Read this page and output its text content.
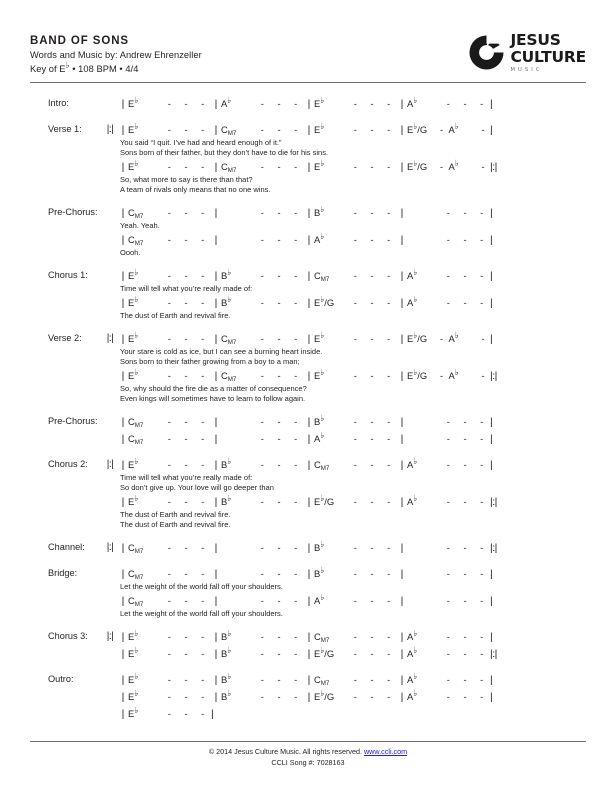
BAND OF SONS
Words and Music by: Andrew Ehrenzeller
Key of E♭ • 108 BPM • 4/4
JESUS
CULTURE
MUSIC
Intro:	| E♭	-	-	- | A♭	-	-	- | E♭	-	-	- | A♭	-	-	- |
Verse 1:	|:| | E♭	-	-	- | $C_{M7}$	-	-	- | E♭	-	-	- | E♭/G	- A♭	- |
You said “I quit. I’ve had and heard enough of it.”
Sons born of their father, but they don’t have to die for his sins.
| E♭	-	-	- | $C_{M7}$	-	-	- | E♭	-	-	- | E♭/G	- A♭	- |:|
So, what more to say is there than that?
A team of rivals only means that no one wins.
Pre-Chorus:	| $C_{M7}$	-	-	- |	-	-	- | B♭	-	-	- |	-	-	- |
Yeah. Yeah.
| $C_{M7}$	-	-	- |	-	-	- | A♭	-	-	- |	-	-	- |
Oooh.
Chorus 1:	| E♭	-	-	- | B♭	-	-	- | $C_{M7}$	-	-	- | A♭	-	-	- |
Time will tell what you’re really made of:
| E♭	-	-	- | B♭	-	-	- | E♭/G	-	-	- | A♭	-	-	- |
The dust of Earth and revival fire.
Verse 2:	|:| | E♭	-	-	- | $C_{M7}$	-	-	- | E♭	-	-	- | E♭/G	- A♭	- |
Your stare is cold as ice, but I can see a burning heart inside.
Sons born to their father growing from a boy to a man;
| E♭	-	-	- | $C_{M7}$	-	-	- | E♭	-	-	- | E♭/G	- A♭	- |:|
So, why should the fire die as a matter of consequence?
Even kings will sometimes have to learn to follow again.
Pre-Chorus:	| $C_{M7}$	-	-	- |	-	-	- | B♭	-	-	- |	-	-	- |
| $C_{M7}$	-	-	- |	-	-	- | A♭	-	-	- |	-	-	- |
Chorus 2:	|:| | E♭	-	-	- | B♭	-	-	- | $C_{M7}$	-	-	- | A♭	-	-	- |
Time will tell what you’re really made of:
So don’t give up. Your love will go deeper than
| E♭	-	-	- | B♭	-	-	- | E♭/G	-	-	- | A♭	-	-	- |:|
The dust of Earth and revival fire.
The dust of Earth and revival fire.
Channel:	|:| | $C_{M7}$	-	-	- |	-	-	- | B♭	-	-	- |	-	-	- |:|
Bridge:	| $C_{M7}$	-	-	- |	-	-	- | B♭	-	-	- |	-	-	- |
Let the weight of the world fall off your shoulders.
| $C_{M7}$	-	-	- |	-	-	- | A♭	-	-	- |	-	-	- |
Let the weight of the world fall off your shoulders.
Chorus 3:	|:| | E♭	-	-	- | B♭	-	-	- | $C_{M7}$	-	-	- | A♭	-	-	- |
| E♭	-	-	- | B♭	-	-	- | E♭/G	-	-	- | A♭	-	-	- |:|
Outro:	| E♭	-	-	- | B♭	-	-	- | $C_{M7}$	-	-	- | A♭	-	-	- |
| E♭	-	-	- | B♭	-	-	- | E♭/G	-	-	- | A♭	-	-	- |
| E♭	-	-	- |
© 2014 Jesus Culture Music. All rights reserved. www.ccli.com
CCLI Song #: 7028163
